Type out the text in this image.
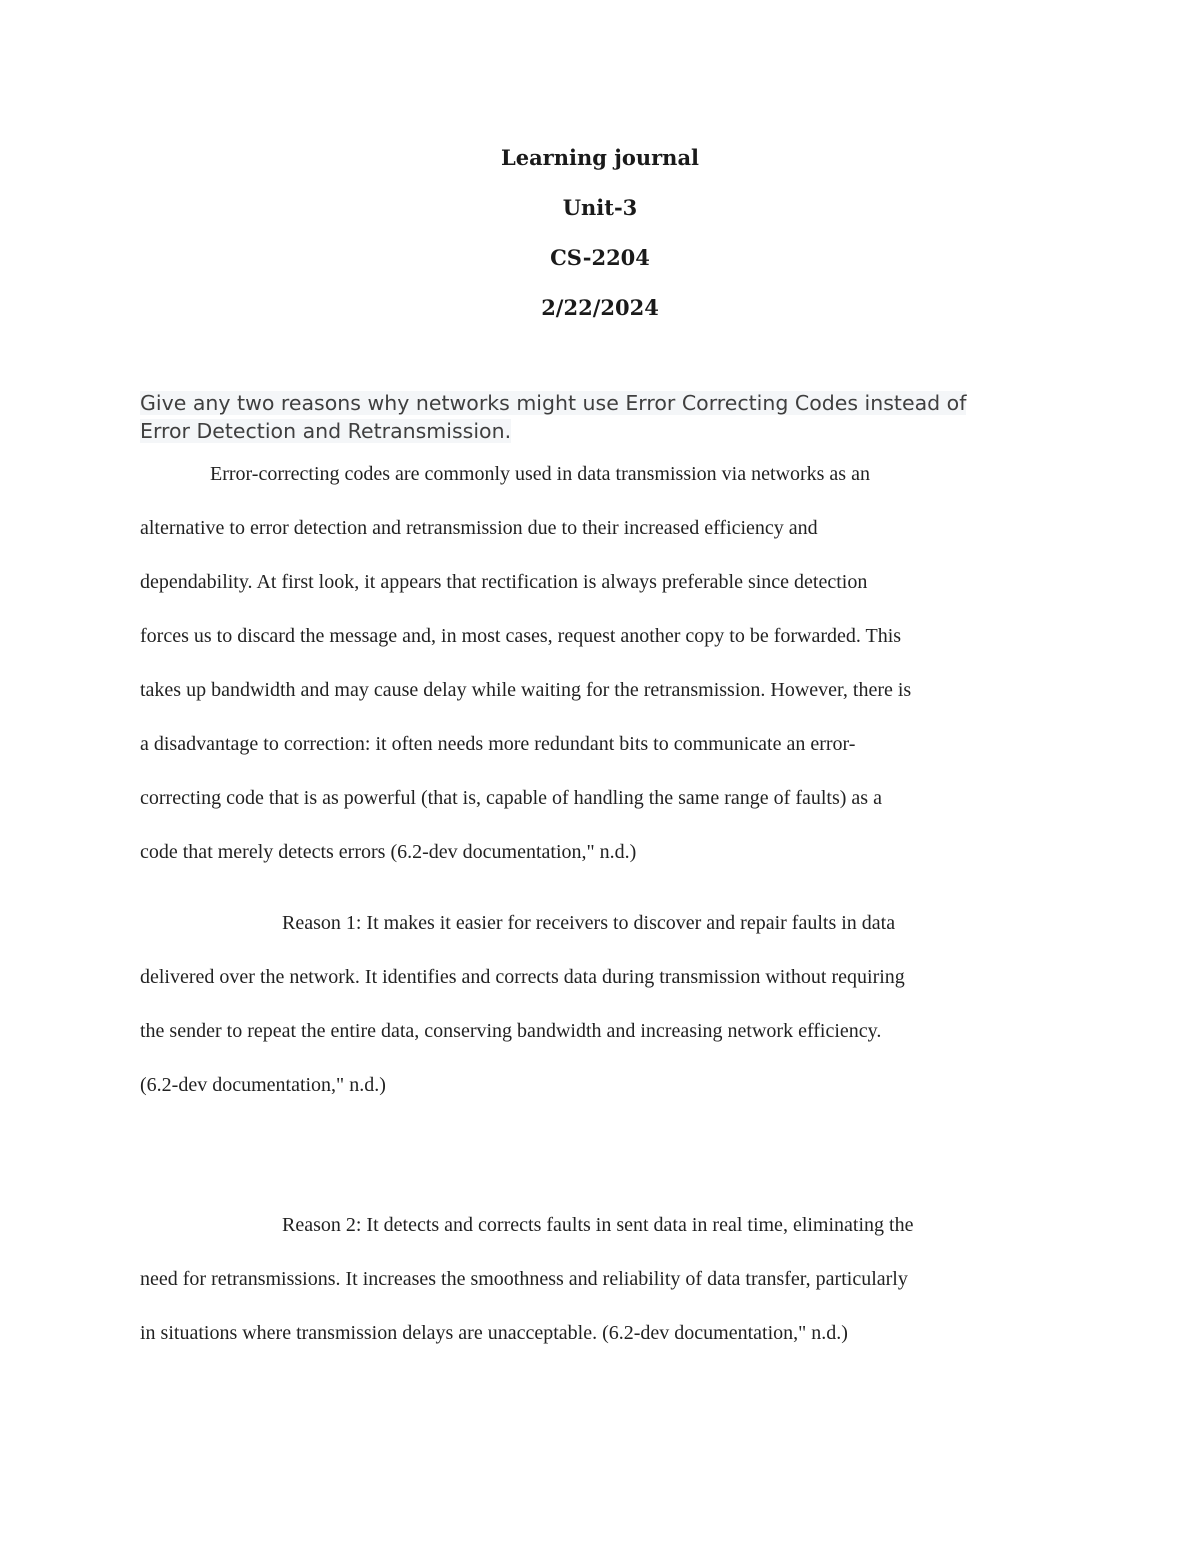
Learning journal
Unit-3
CS-2204
2/22/2024
Give any two reasons why networks might use Error Correcting Codes instead of
Error Detection and Retransmission.
Error-correcting codes are commonly used in data transmission via networks as an
alternative to error detection and retransmission due to their increased efficiency and
dependability. At first look, it appears that rectification is always preferable since detection
forces us to discard the message and, in most cases, request another copy to be forwarded. This
takes up bandwidth and may cause delay while waiting for the retransmission. However, there is
a disadvantage to correction: it often needs more redundant bits to communicate an error-
correcting code that is as powerful (that is, capable of handling the same range of faults) as a
code that merely detects errors (6.2-dev documentation," n.d.)
Reason 1: It makes it easier for receivers to discover and repair faults in data
delivered over the network. It identifies and corrects data during transmission without requiring
the sender to repeat the entire data, conserving bandwidth and increasing network efficiency.
(6.2-dev documentation," n.d.)
Reason 2: It detects and corrects faults in sent data in real time, eliminating the
need for retransmissions. It increases the smoothness and reliability of data transfer, particularly
in situations where transmission delays are unacceptable. (6.2-dev documentation," n.d.)
